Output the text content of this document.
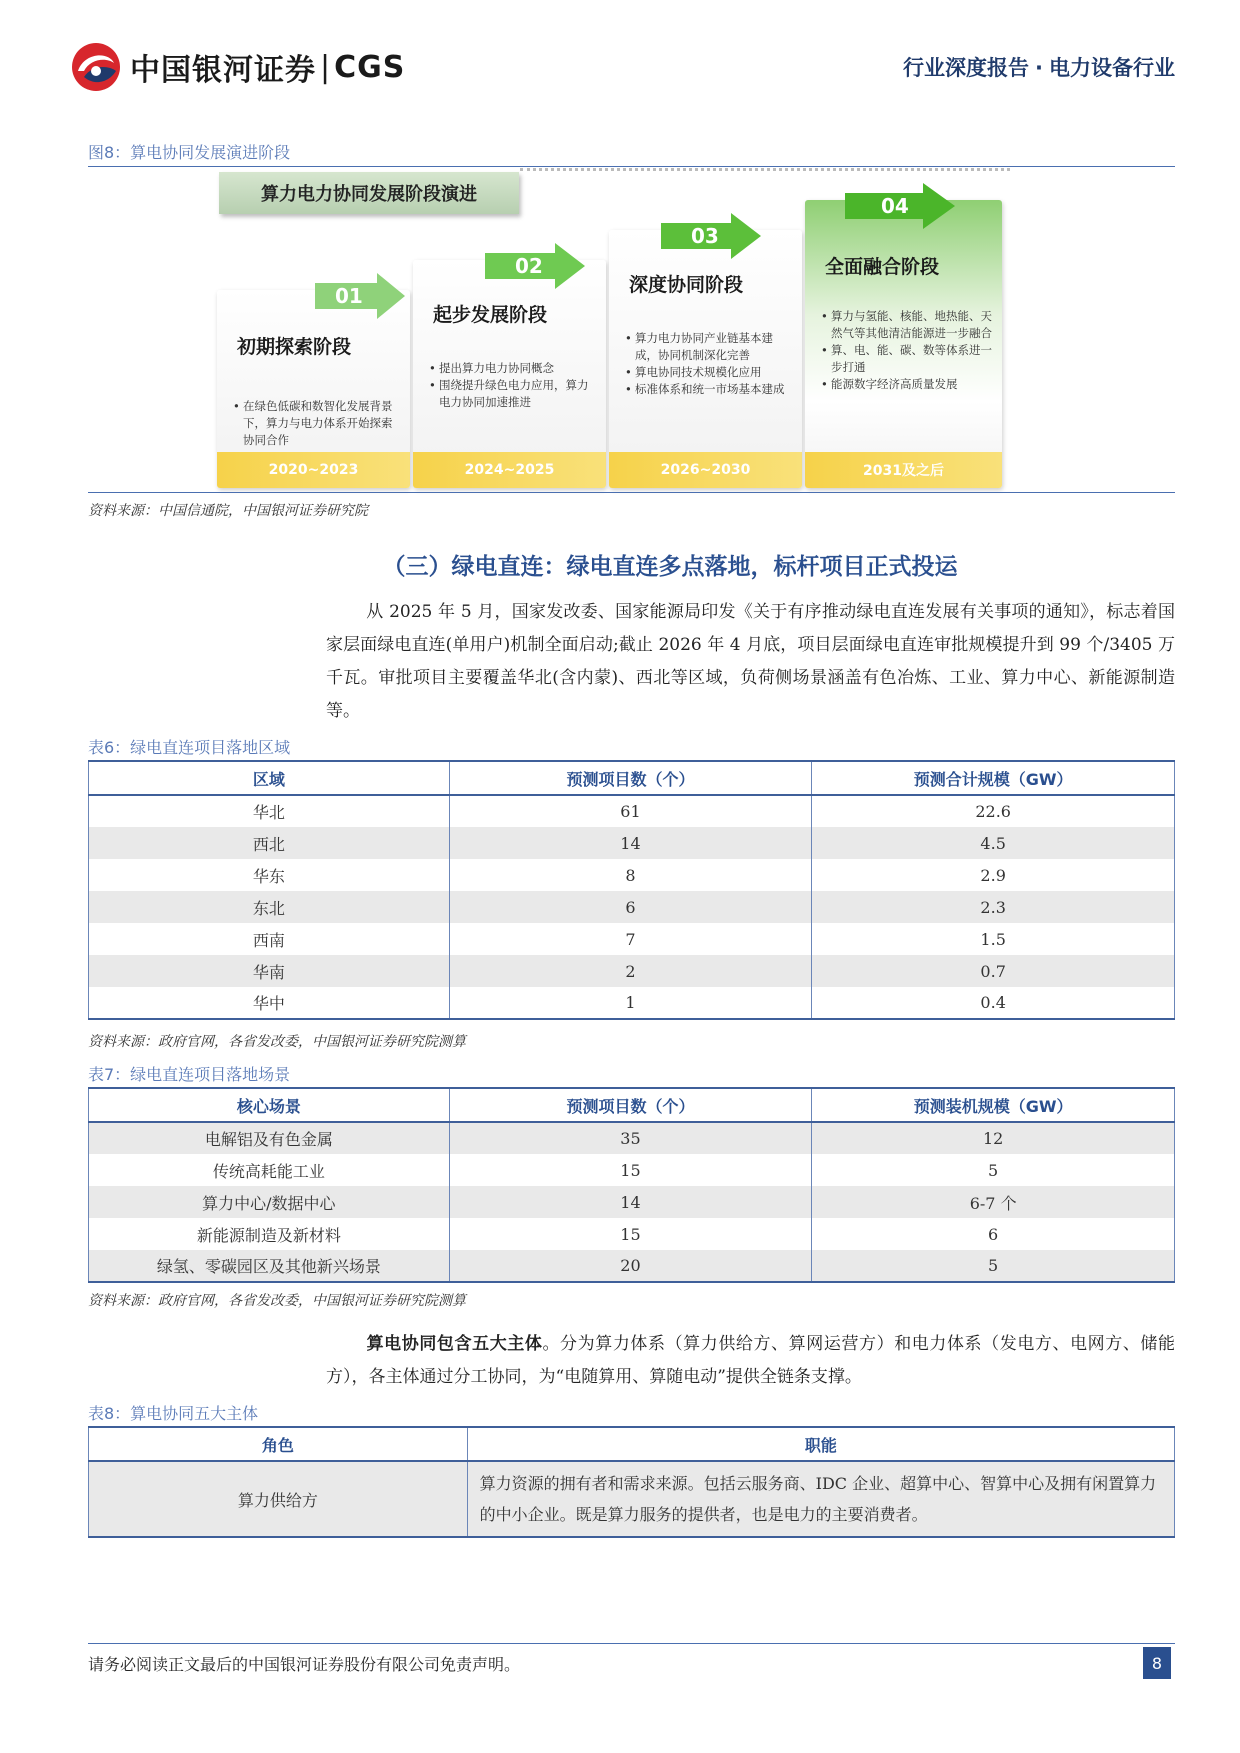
中国银河证券 | CGS	行业深度报告 · 电力设备行业
图8：算电协同发展演进阶段
算力电力协同发展阶段演进
初期探索阶段
• 在绿色低碳和数智化发展背景下，算力与电力体系开始探索协同合作
2020~2023
起步发展阶段
• 提出算力电力协同概念
• 围绕提升绿色电力应用，算力电力协同加速推进
2024~2025
深度协同阶段
• 算力电力协同产业链基本建成，协同机制深化完善
• 算电协同技术规模化应用
• 标准体系和统一市场基本建成
2026~2030
全面融合阶段
• 算力与氢能、核能、地热能、天然气等其他清洁能源进一步融合
• 算、电、能、碳、数等体系进一步打通
• 能源数字经济高质量发展
2031及之后
01
02
03
04
资料来源：中国信通院，中国银河证券研究院
（三）绿电直连：绿电直连多点落地，标杆项目正式投运
从 2025 年 5 月，国家发改委、国家能源局印发《关于有序推动绿电直连发展有关事项的通知》，标志着国家层面绿电直连(单用户)机制全面启动;截止 2026 年 4 月底，项目层面绿电直连审批规模提升到 99 个/3405 万千瓦。审批项目主要覆盖华北(含内蒙)、西北等区域，负荷侧场景涵盖有色冶炼、工业、算力中心、新能源制造等。
表6：绿电直连项目落地区域
区域	预测项目数（个）	预测合计规模（GW）
华北	61	22.6
西北	14	4.5
华东	8	2.9
东北	6	2.3
西南	7	1.5
华南	2	0.7
华中	1	0.4
资料来源：政府官网，各省发改委，中国银河证券研究院测算
表7：绿电直连项目落地场景
核心场景	预测项目数（个）	预测装机规模（GW）
电解铝及有色金属	35	12
传统高耗能工业	15	5
算力中心/数据中心	14	6-7 个
新能源制造及新材料	15	6
绿氢、零碳园区及其他新兴场景	20	5
资料来源：政府官网，各省发改委，中国银河证券研究院测算
算电协同包含五大主体。分为算力体系（算力供给方、算网运营方）和电力体系（发电方、电网方、储能方），各主体通过分工协同，为“电随算用、算随电动”提供全链条支撑。
表8：算电协同五大主体
角色	职能
算力供给方	算力资源的拥有者和需求来源。包括云服务商、IDC 企业、超算中心、智算中心及拥有闲置算力的中小企业。既是算力服务的提供者，也是电力的主要消费者。
请务必阅读正文最后的中国银河证券股份有限公司免责声明。	8
